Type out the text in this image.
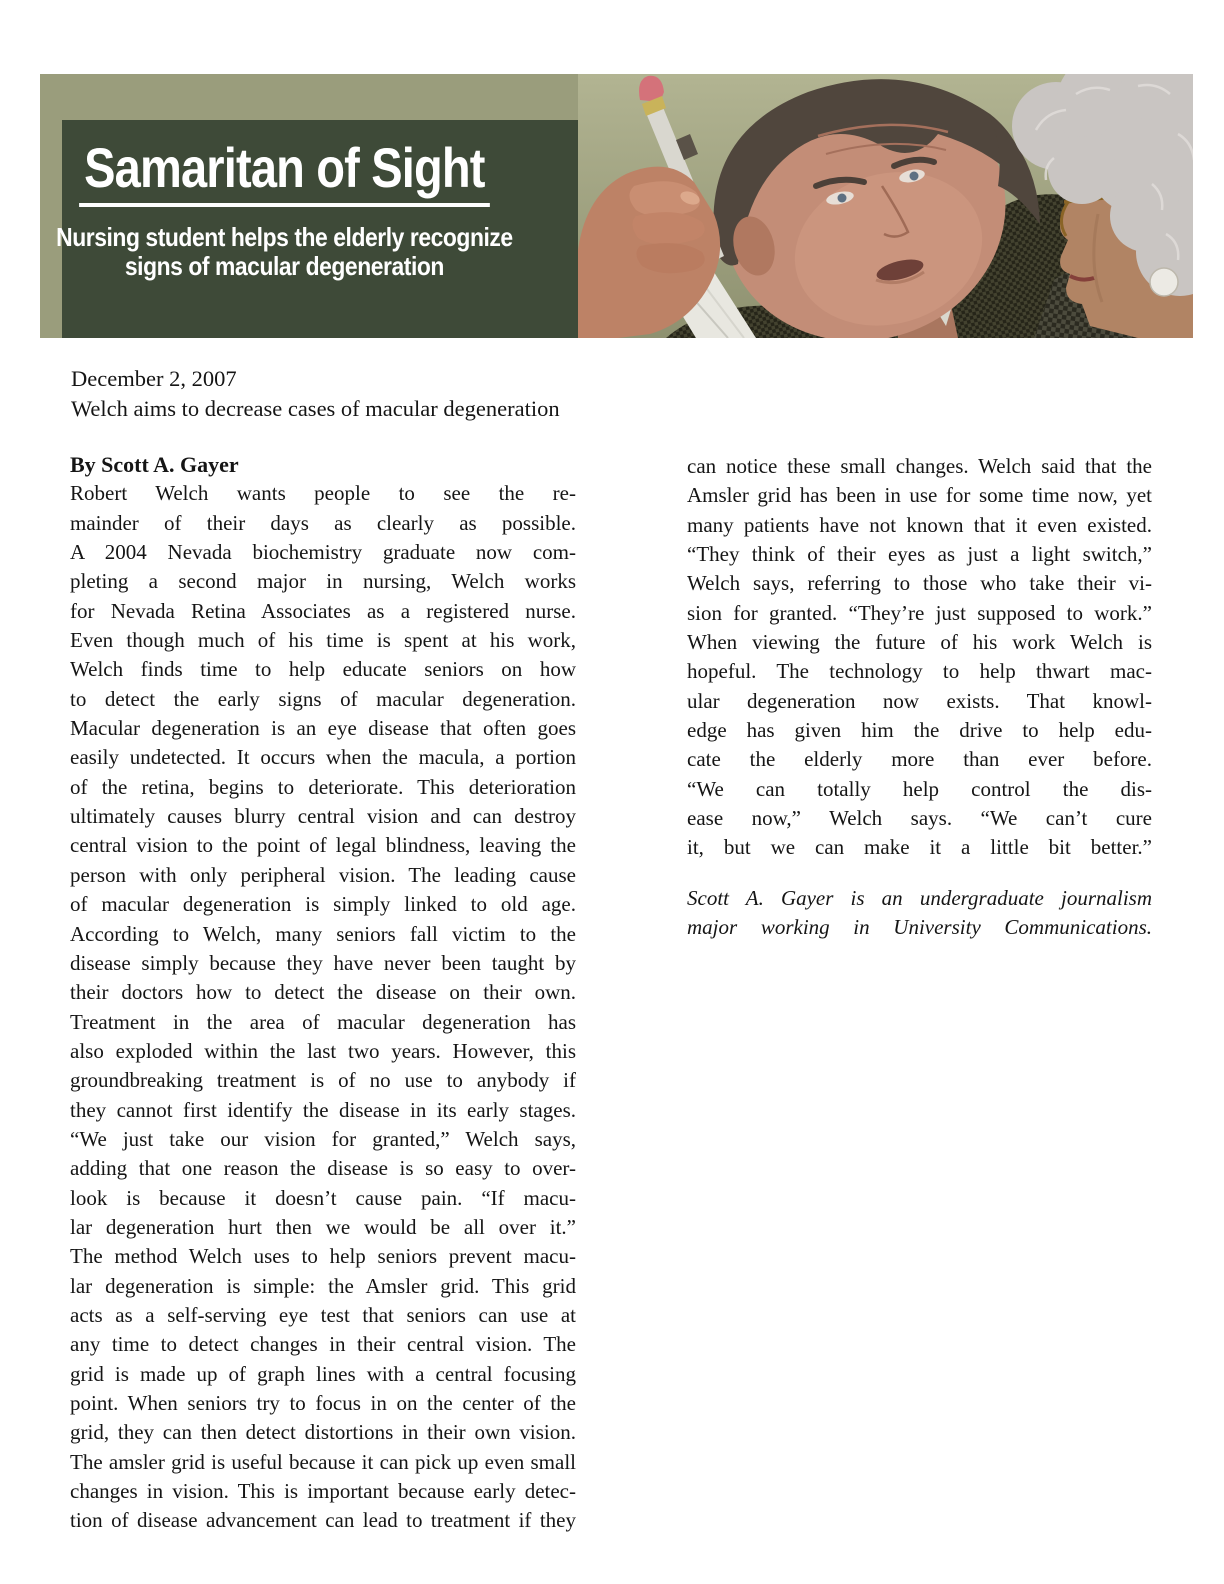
Samaritan of Sight
Nursing student helps the elderly recognize
signs of macular degeneration
December 2, 2007
Welch aims to decrease cases of macular degeneration
By Scott A. Gayer
Robert Welch wants people to see the re-
mainder of their days as clearly as possible.
A 2004 Nevada biochemistry graduate now com-
pleting a second major in nursing, Welch works
for Nevada Retina Associates as a registered nurse.
Even though much of his time is spent at his work,
Welch finds time to help educate seniors on how
to detect the early signs of macular degeneration.
Macular degeneration is an eye disease that often goes
easily undetected. It occurs when the macula, a portion
of the retina, begins to deteriorate. This deterioration
ultimately causes blurry central vision and can destroy
central vision to the point of legal blindness, leaving the
person with only peripheral vision. The leading cause
of macular degeneration is simply linked to old age.
According to Welch, many seniors fall victim to the
disease simply because they have never been taught by
their doctors how to detect the disease on their own.
Treatment in the area of macular degeneration has
also exploded within the last two years. However, this
groundbreaking treatment is of no use to anybody if
they cannot first identify the disease in its early stages.
“We just take our vision for granted,” Welch says,
adding that one reason the disease is so easy to over-
look is because it doesn’t cause pain. “If macu-
lar degeneration hurt then we would be all over it.”
The method Welch uses to help seniors prevent macu-
lar degeneration is simple: the Amsler grid. This grid
acts as a self-serving eye test that seniors can use at
any time to detect changes in their central vision. The
grid is made up of graph lines with a central focusing
point. When seniors try to focus in on the center of the
grid, they can then detect distortions in their own vision.
The amsler grid is useful because it can pick up even small
changes in vision. This is important because early detec-
tion of disease advancement can lead to treatment if they
can notice these small changes. Welch said that the
Amsler grid has been in use for some time now, yet
many patients have not known that it even existed.
“They think of their eyes as just a light switch,”
Welch says, referring to those who take their vi-
sion for granted. “They’re just supposed to work.”
When viewing the future of his work Welch is
hopeful. The technology to help thwart mac-
ular degeneration now exists. That knowl-
edge has given him the drive to help edu-
cate the elderly more than ever before.
“We can totally help control the dis-
ease now,” Welch says. “We can’t cure
it, but we can make it a little bit better.”
Scott A. Gayer is an undergraduate journalism
major working in University Communications.
